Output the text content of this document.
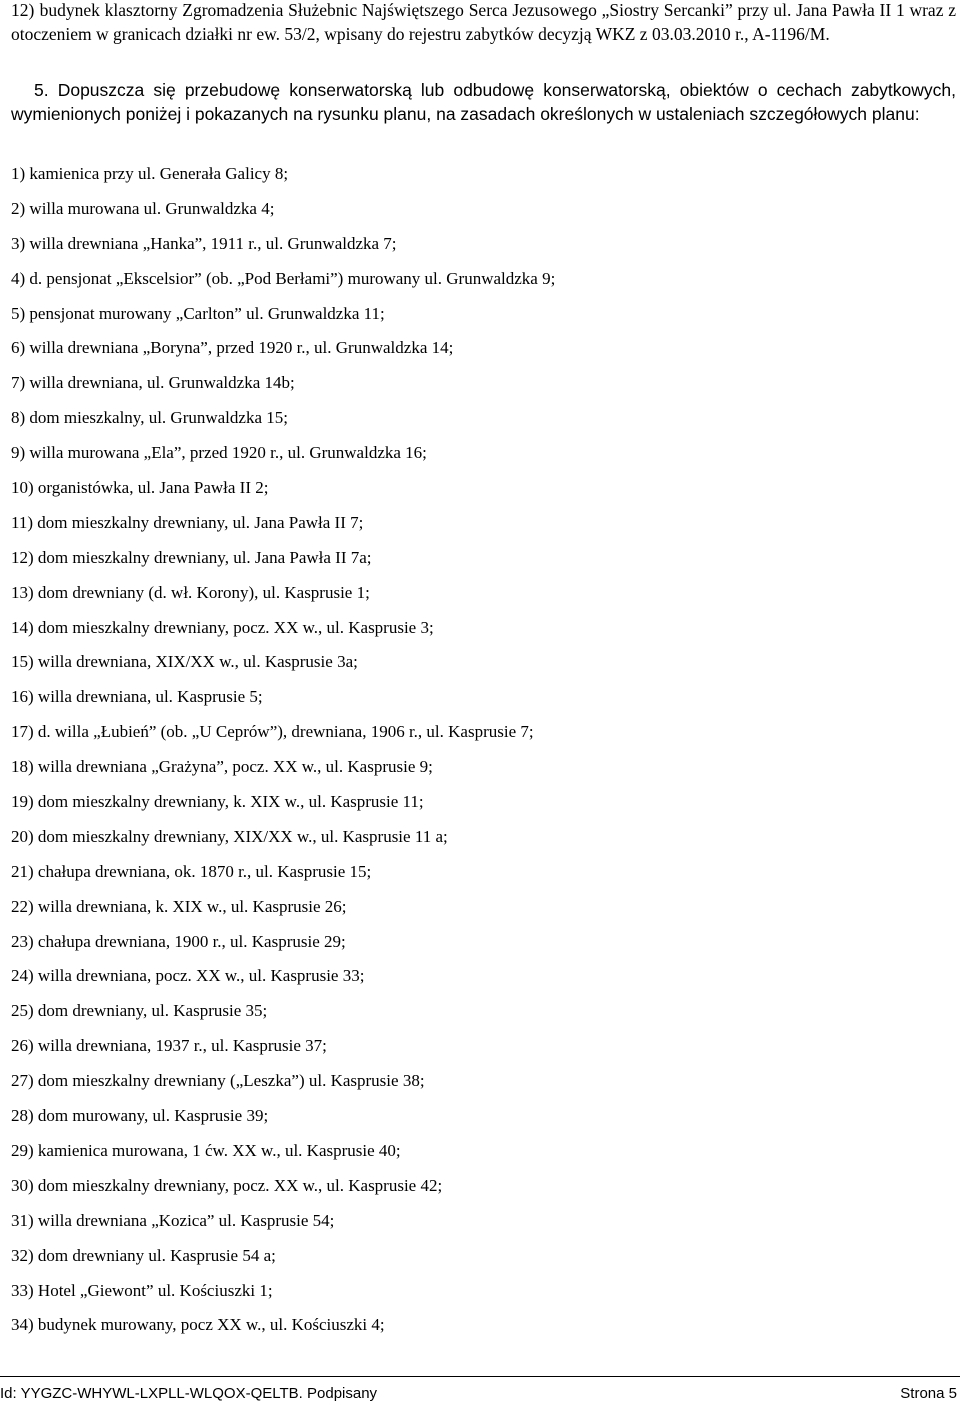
12) budynek klasztorny Zgromadzenia Służebnic Najświętszego Serca Jezusowego „Siostry Sercanki” przy ul. Jana Pawła II 1 wraz z otoczeniem w granicach działki nr ew. 53/2, wpisany do rejestru zabytków decyzją WKZ z 03.03.2010 r., A-1196/M.
5. Dopuszcza się przebudowę konserwatorską lub odbudowę konserwatorską, obiektów o cechach zabytkowych, wymienionych poniżej i pokazanych na rysunku planu, na zasadach określonych w ustaleniach szczegółowych planu:
1) kamienica przy ul. Generała Galicy 8;
2) willa murowana ul. Grunwaldzka 4;
3) willa drewniana „Hanka”, 1911 r., ul. Grunwaldzka 7;
4) d. pensjonat „Ekscelsior” (ob. „Pod Berłami”) murowany ul. Grunwaldzka 9;
5) pensjonat murowany „Carlton” ul. Grunwaldzka 11;
6) willa drewniana „Boryna”, przed 1920 r., ul. Grunwaldzka 14;
7) willa drewniana, ul. Grunwaldzka 14b;
8) dom mieszkalny, ul. Grunwaldzka 15;
9) willa murowana „Ela”, przed 1920 r., ul. Grunwaldzka 16;
10) organistówka, ul. Jana Pawła II 2;
11) dom mieszkalny drewniany, ul. Jana Pawła II 7;
12) dom mieszkalny drewniany, ul. Jana Pawła II 7a;
13) dom drewniany (d. wł. Korony), ul. Kasprusie 1;
14) dom mieszkalny drewniany, pocz. XX w., ul. Kasprusie 3;
15) willa drewniana, XIX/XX w., ul. Kasprusie 3a;
16) willa drewniana, ul. Kasprusie 5;
17) d. willa „Łubień” (ob. „U Ceprów”), drewniana, 1906 r., ul. Kasprusie 7;
18) willa drewniana „Grażyna”, pocz. XX w., ul. Kasprusie 9;
19) dom mieszkalny drewniany, k. XIX w., ul. Kasprusie 11;
20) dom mieszkalny drewniany, XIX/XX w., ul. Kasprusie 11 a;
21) chałupa drewniana, ok. 1870 r., ul. Kasprusie 15;
22) willa drewniana, k. XIX w., ul. Kasprusie 26;
23) chałupa drewniana, 1900 r., ul. Kasprusie 29;
24) willa drewniana, pocz. XX w., ul. Kasprusie 33;
25) dom drewniany, ul. Kasprusie 35;
26) willa drewniana, 1937 r., ul. Kasprusie 37;
27) dom mieszkalny drewniany („Leszka”) ul. Kasprusie 38;
28) dom murowany, ul. Kasprusie 39;
29) kamienica murowana, 1 ćw. XX w., ul. Kasprusie 40;
30) dom mieszkalny drewniany, pocz. XX w., ul. Kasprusie 42;
31) willa drewniana „Kozica” ul. Kasprusie 54;
32) dom drewniany ul. Kasprusie 54 a;
33) Hotel „Giewont” ul. Kościuszki 1;
34) budynek murowany, pocz XX w., ul. Kościuszki 4;
Id: YYGZC-WHYWL-LXPLL-WLQOX-QELTB. Podpisany	Strona 5
